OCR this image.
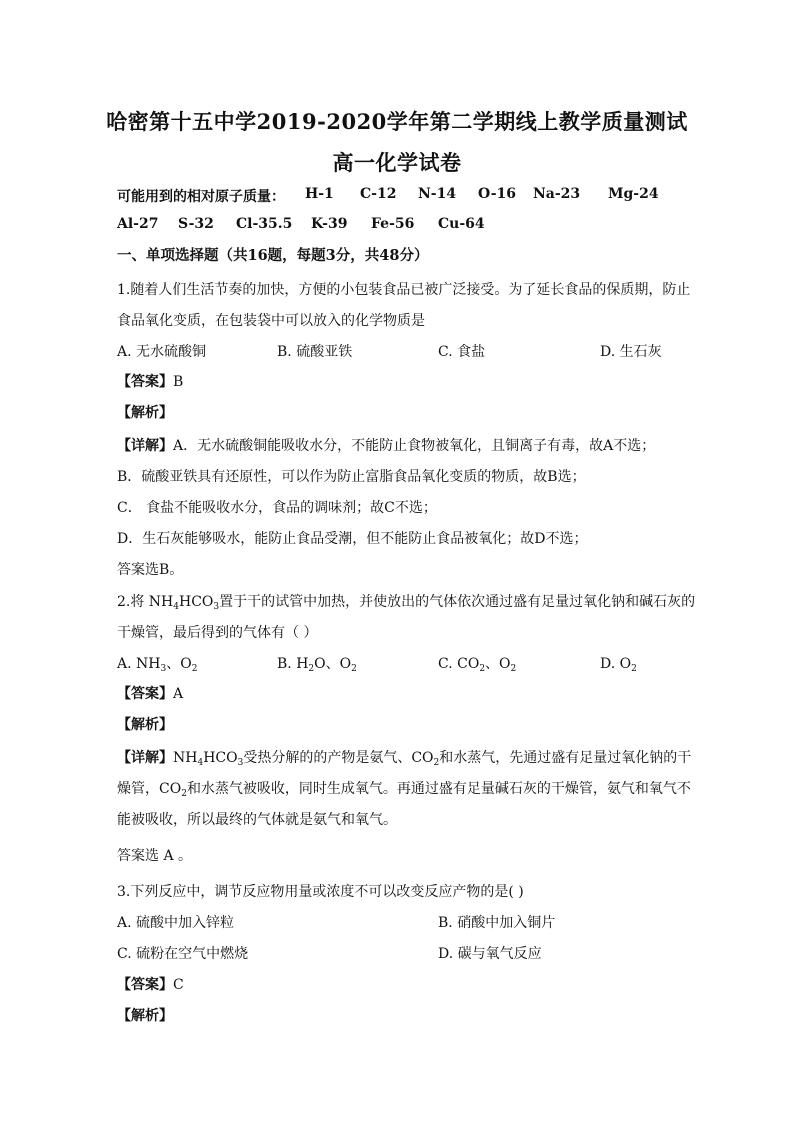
哈密第十五中学2019-2020学年第二学期线上教学质量测试
高一化学试卷
可能用到的相对原子质量： H-1 C-12 N-14 O-16 Na-23 Mg-24
Al-27 S-32 Cl-35.5 K-39 Fe-56 Cu-64
一、单项选择题（共16题，每题3分，共48分）
1.随着人们生活节奏的加快，方便的小包装食品已被广泛接受。为了延长食品的保质期，防止
食品氧化变质，在包装袋中可以放入的化学物质是
A. 无水硫酸铜	B. 硫酸亚铁	C. 食盐	D. 生石灰
【答案】B
【解析】
【详解】A．无水硫酸铜能吸收水分，不能防止食物被氧化，且铜离子有毒，故A不选；
B．硫酸亚铁具有还原性，可以作为防止富脂食品氧化变质的物质，故B选；
C． 食盐不能吸收水分，食品的调味剂；故C不选；
D．生石灰能够吸水，能防止食品受潮，但不能防止食品被氧化；故D不选；
答案选B。
2.将 $NH_4HCO_3$置于干的试管中加热，并使放出的气体依次通过盛有足量过氧化钠和碱石灰的
干燥管，最后得到的气体有（ ）
A. $NH_3$、$O_2$	B. $H_2O$、$O_2$	C. $CO_2$、$O_2$	D. $O_2$
【答案】A
【解析】
【详解】$NH_4HCO_3$受热分解的的产物是氨气、$CO_2$和水蒸气，先通过盛有足量过氧化钠的干
燥管，$CO_2$和水蒸气被吸收，同时生成氧气。再通过盛有足量碱石灰的干燥管，氨气和氧气不
能被吸收，所以最终的气体就是氨气和氧气。
答案选 A 。
3.下列反应中，调节反应物用量或浓度不可以改变反应产物的是( )
A. 硫酸中加入锌粒	B. 硝酸中加入铜片
C. 硫粉在空气中燃烧	D. 碳与氧气反应
【答案】C
【解析】
